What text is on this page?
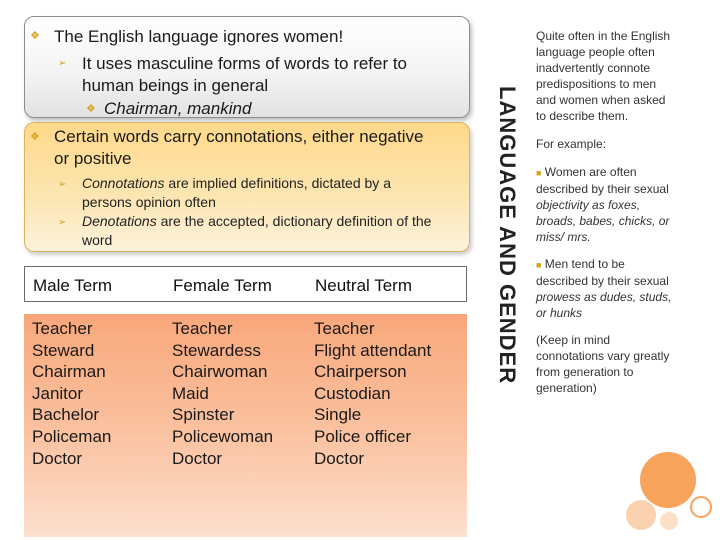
❖ The English language ignores women!
➢ It uses masculine forms of words to refer to
human beings in general
❖ Chairman, mankind
❖ Certain words carry connotations, either negative
or positive
➢ Connotations are implied definitions, dictated by a
persons opinion often
➢ Denotations are the accepted, dictionary definition of the
word
Male Term	Female Term	Neutral Term
Teacher
Steward
Chairman
Janitor
Bachelor
Policeman
Doctor
Teacher
Stewardess
Chairwoman
Maid
Spinster
Policewoman
Doctor
Teacher
Flight attendant
Chairperson
Custodian
Single
Police officer
Doctor
LANGUAGE AND GENDER
Quite often in the English
language people often
inadvertently connote
predispositions to men
and women when asked
to describe them.
For example:
■ Women are often
described by their sexual
objectivity as foxes,
broads, babes, chicks, or
miss/ mrs.
■ Men tend to be
described by their sexual
prowess as dudes, studs,
or hunks
(Keep in mind
connotations vary greatly
from generation to
generation)
